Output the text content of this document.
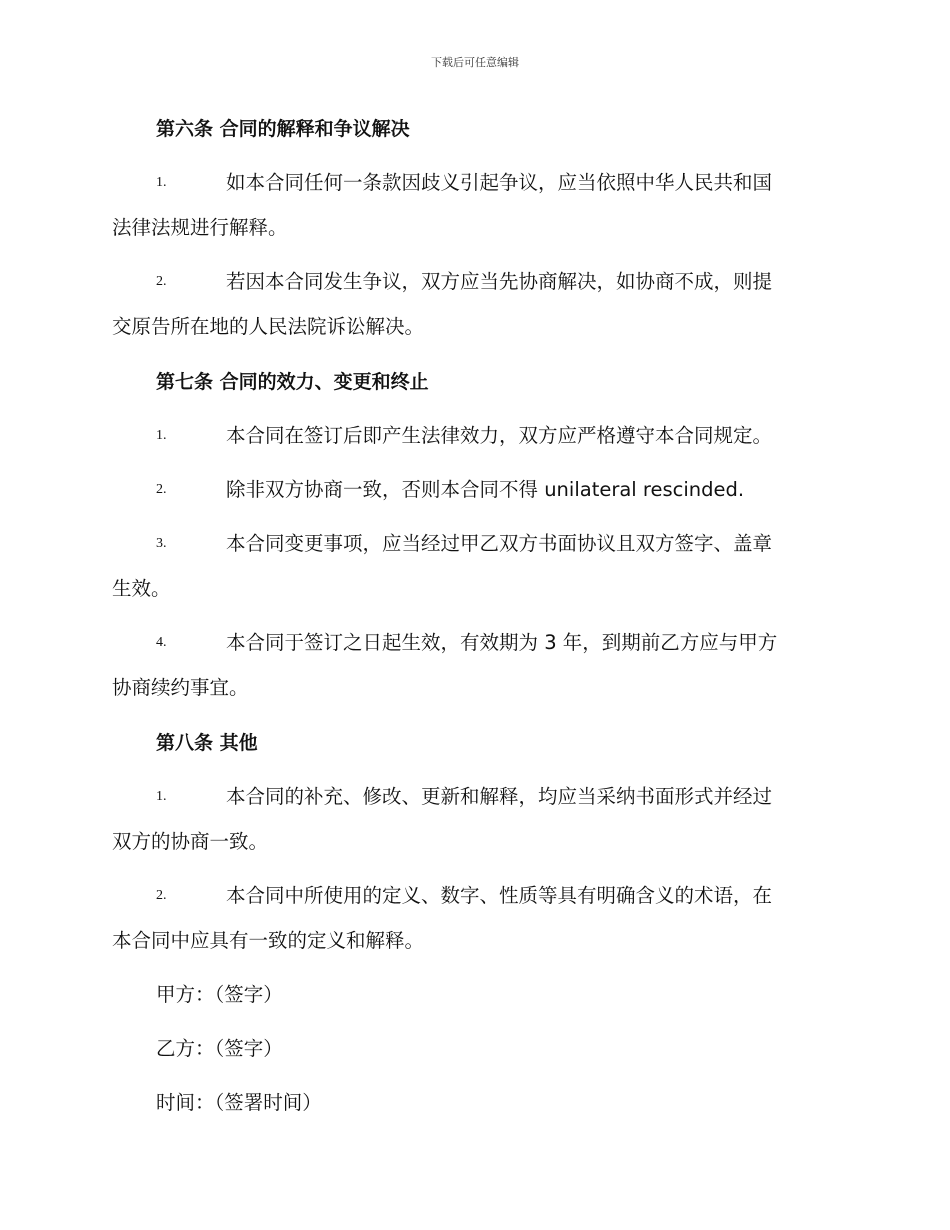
下载后可任意编辑
第六条 合同的解释和争议解决
1.	如本合同任何一条款因歧义引起争议，应当依照中华人民共和国
法律法规进行解释。
2.	若因本合同发生争议，双方应当先协商解决，如协商不成，则提
交原告所在地的人民法院诉讼解决。
第七条 合同的效力、变更和终止
1.	本合同在签订后即产生法律效力，双方应严格遵守本合同规定。
2.	除非双方协商一致，否则本合同不得 unilateral rescinded.
3.	本合同变更事项，应当经过甲乙双方书面协议且双方签字、盖章
生效。
4.	本合同于签订之日起生效，有效期为 3 年，到期前乙方应与甲方
协商续约事宜。
第八条 其他
1.	本合同的补充、修改、更新和解释，均应当采纳书面形式并经过
双方的协商一致。
2.	本合同中所使用的定义、数字、性质等具有明确含义的术语，在
本合同中应具有一致的定义和解释。
甲方：（签字）
乙方：（签字）
时间：（签署时间）
